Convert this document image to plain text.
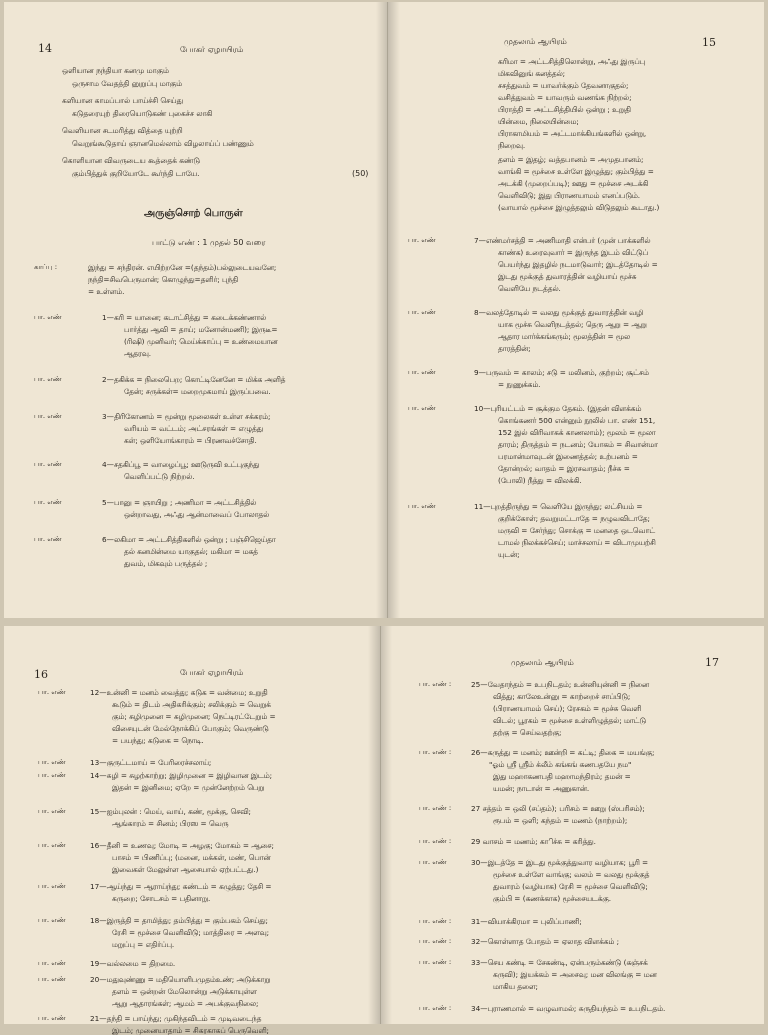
14	போகர் ஏழாயிரம்
ஒளியான நந்தியா கனமு மாகும்
ஒருசாம வேதத்தி னுறுப்பு மாகும்
களியான காமப்பால் பாய்ச்சி செய்து
கடுதரையுற் திரையொடுகண் புகைச்ச லாகி
வெளியான சடமரித்து வித்தை யுற்றி
வெறுங்கூடுதாய் ஞானமெல்லாம் விழலாய்ப் பண்ணும்
கொளியான விவருடைய கூத்தைக் கண்டு
கும்பித்துக் குறியோடே கூர்ந்தி டாயே.	(50)
அருஞ்சொற் பொருள்
பாட்டு எண் : 1 முதல் 50 வரை
காப்பு :	இந்து = சந்திரன். எயிற்றனே =(தந்தம்)பல்லுடையவனே;
நந்தி=சிவபெருமான்; கொழுந்து=தளிர்; புந்தி
= உள்ளம்.
பா. எண்	1—கரி = யானை; கடாட்சித்து = கடைக்கண்ணால்
பார்த்து ஆவி = தாய்; மனோன்மணி); இருடீ=
(ரிஷி) முனிவர்; மெய்க்காப்பு = உண்மையான
ஆதரவு.
பா. எண்	2—தகிக்க = நிலைபெற; கொட்டினேனே = மிக்க அளித்
தேன்; சருக்கள்= மறைமுகமாய் இருப்பவை.
பா. எண்	3—திரிகோணம் = மூன்று மூலைகள் உள்ள சக்கரம்;
வரியம் = வட்டம்; அட்சரங்கள் = எழுத்து
கள்; ஒளியோங்காரம் = பிரணவச்சோதி.
பா. எண்	4—சதகிப்பூ = வாழைப்பூ; ஊடுருவி உட்புகுந்து
வெளிப்பட்டு நிற்றல்.
பா. எண்	5—பானு = ஞாயிறு ; அணிமா = அட்டசித்தில்
ஒன்றாவது, அஃது ஆன்மாவைப் போலாதல்
பா. எண்	6—லகிமா = அட்டசித்திகளில் ஒன்று ; பஞ்சிஜெய்தா
தல் கனமின்மை யாகுதல்; மகிமா = மகத்
துவம், மிகவும் பருத்தல் ;
முதலாம் ஆயிரம்	15
கரிமா = அட்டசித்திலொன்று, அஃது இருப்பு
மிகவினுங் கனத்தல்;
சசத்துவம் = யாவர்க்கும் தேவனாகுதல்;
வசித்துவம் = யாவரும் வணங்க நிற்றல்;
பிராத்தி = அட்டசித்தியில் ஒன்று ; உறுதி
யின்மை, நிலையின்மை;
பிராகாமியம் = அட்டமாக்கியங்களில் ஒன்று,
நிறைவு.
தளம் = இதழ்; வத்தபானம் = அமுதபானம்;
வாங்கி = மூச்சை உள்ளே இழுத்து; கும்பித்து =
அடக்கி (முறைப்படி); ஊது = மூச்சை அடக்கி
வெளிவிடு; இது பிராணயாமம் எனப்படும்.
(வாயால் மூச்சை இழுத்தலும் விடுதலும் கூடாது.)
பா. எண்	7—எண்மர்சத்தி = அணிமாதி என்பர் (முன் பாக்களில்
காண்க) உரைவுவார் = இருந்த இடம் விட்டுப்
பெயர்ந்து இதழில் நடமாடுவார்; இடத்தோடில் =
இடது மூக்குத் துவாரத்தின் வழியாய் மூச்சு
வெளியே நடத்தல்.
பா. எண்	8—வலத்தோடில் = வலது மூக்குத் துவாரத்தின் வழி
யாக மூச்சு வெளிநடத்தல்; தெரு ஆறு = ஆறு
ஆதார மார்க்கங்கரும்; மூலத்தின் = மூல
தாரத்தின்;
பா. எண்	9—பருவம் = காலம்; சடு = மலினம், குற்றம்; சூட்சம்
= நுணுக்கம்.
பா. எண்	10—புரியட்டம் = சூக்கும தேகம். (இதன் விளக்கம்
கொங்கணர் 500 என்னும் நூலில் பா. எண் 151,
152 இல் விரிவாகக் காணலாம்); மூலம் = மூலா
தாரம்; திருத்தம் = நடனம்; யோகம் = சிவான்மா
பரமான்மாவுடன் இணைத்தல்; உற்பனம் =
தோன்றல்; வாதம் = இரசவாதம்; நீச்சு =
(போலி) நீத்து = விலக்கி.
பா. எண்	11—புறத்திருந்து = வெளியே இருந்து; லட்சியம் =
குறிக்கோள்; தவறுமட்டாதே = நழுவவிடாதே;
மருவி = சேர்ந்து; சொக்கு = மனதை ஒடவொட்
டாமல் நிலக்கச்செய்; மாச்சலாய் = விடாமுயற்சி
யுடன்;
16	போகர் ஏழாயிரம்
பா. எண்	12—உன்னி = மனம் வைத்து; கடுக = வன்மை; உறுதி
கூடும் = திடம் அதிகரிக்கும்; சலிக்கும் = வெறுக்
கும்; சுழிமுனை = சுழிமுனை; நெட்டிரட்டேறும் =
விசையுடன் மேல்நோக்கிப் போகும்; வெருண்டு
= பயந்து; கடுகை = நொடி.
பா. எண்	13—குருட்டமாய் = பேரிரைச்சலாய்;
பா. எண்	14—சுழி = சுழற்காற்று; இழிமுனை = இழிவான இடம்;
இதன் = இனிமை; ஏறே = முன்னேற்றம் பெறு
பா. எண்	15—ஐம்புலன் : மெய், வாய், கண், மூக்கு, செவி;
ஆங்காரம் = சினம்; பிரஸ = வெரு
பா. எண்	16—தீனி = உணவு; மோடி = அழகு; மோகம் = ஆசை;
பாசம் = பிணிப்பு; (மனை, மக்கள், மண், பொன்
இவைகள் மேலுள்ள ஆசையால் ஏற்பட்டது.)
பா. எண்	17—ஆய்ந்து = ஆராய்ந்து; கண்டம் = கழுத்து; தேசி =
கருறை; சோடசம் = பதினாறு.
பா. எண்	18—இருத்தி = தாமித்து; தம்பித்து = கும்பகம் செய்து;
ரேசி = மூச்சை வெளிவிடு; மாத்திரை = அளவு;
மறுப்பு = எதிர்ப்பு.
பா. எண்	19—வல்லமை = திறமை.
பா. எண்	20—மதுவுண்ணு = மதியொளிபமுதம்உண்; அடுக்காறு
தளம் = ஒன்றன் மேலொன்று அடுக்காயுள்ள
ஆறு ஆதாரங்கள்; ஆமம் = அபக்குவநிலை;
பா. எண்	21—தந்தி = பாய்ந்து; முகிந்தவிடம் = முடிவடைந்த
இடம்; முனையாதாம் = சிகரகாகப் பெருவெளி;
முதலாம் ஆயிரம்	17
பா. எண் :	25—வேதாந்தம் = உபநிடதம்; உன்னியுன்னி = நினை
வித்து; காலேஉன்னு = காற்றைச் சாப்பிடு;
(பிராணயாமம் செய்); ரேசகம் = மூச்சு வெளி
விடல்; பூரகம் = மூச்சை உள்ளிழுத்தல்; மாட்டு
தற்கு = செய்வதற்கு;
பா. எண் :	26—கருத்து = மனம்; ஊன்றி = கட்டி; திகை = மயங்கு;
"ஓம் ஸ்ரீ ஸ்ரீம் க்லீம் கங்கங் கணபதயே நம"
இது மஹாகணபதி மஹாமந்திரம்; தமன் =
யமன்; நாடான் = அணுகான்.
பா. எண் :	27 சத்தம் = ஒலி (சப்தம்); பரிசம் = ஊறு (ஸ்பரிசம்);
ரூபம் = ஒளி; கந்தம் = மணம் (நாற்றம்);
பா. எண் :	29 வாசம் = மணம்; காிச்சு = கரித்து.
பா. எண்	30—இடத்தே = இடது மூக்குத்துவார வழியாக; பூரி =
மூச்சை உள்ளே வாங்கு; வலம் = வலது மூக்குத்
துவாரம் (வழியாக) ரேசி = மூச்சை வெளிவிடு;
கும்பி = (கணக்காக) மூச்சையடக்கு.
பா. எண் :	31—வியாக்கிரமா = புலிப்பாணி;
பா. எண் :	32—கொள்ளாத போதம் = ஏலாத விளக்கம் ;
பா. எண் :	33—செய கண்டி = சேகண்டி, ஏன்பரும்கண்டு (கஞ்சக்
கருவி); இயக்கம் = அசைவு; மன விலங்கு = மன
மாகிய தளை;
பா. எண் :	34—புராணமால் = வழுவாமல்; சுருதியந்தம் = உபநிடதம்.
